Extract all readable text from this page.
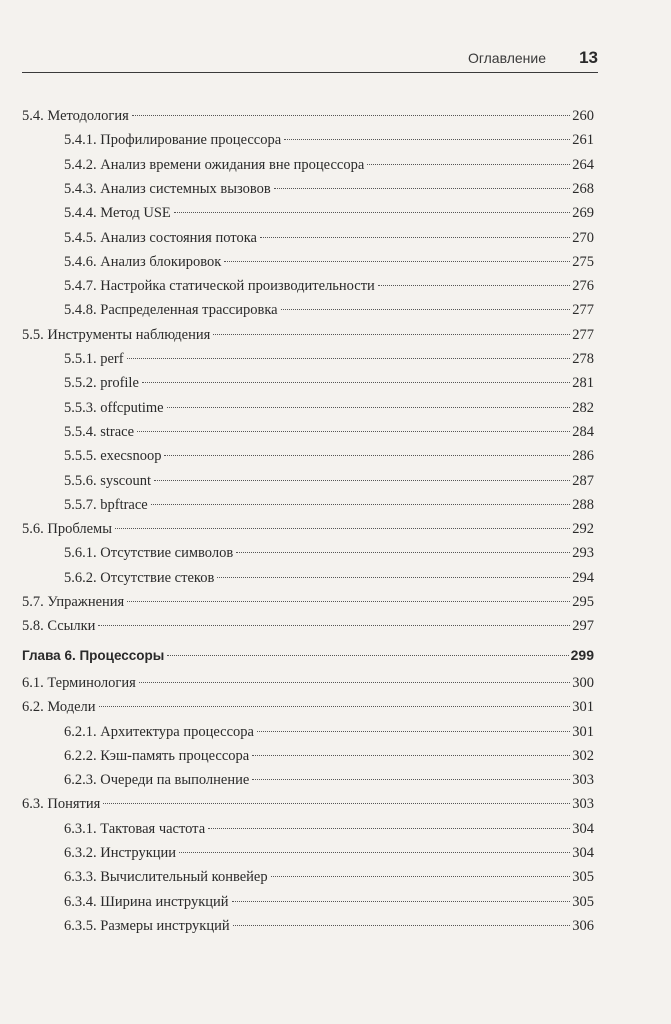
Оглавление 13
5.4. Методология	260
5.4.1. Профилирование процессора	261
5.4.2. Анализ времени ожидания вне процессора	264
5.4.3. Анализ системных вызовов	268
5.4.4. Метод USE	269
5.4.5. Анализ состояния потока	270
5.4.6. Анализ блокировок	275
5.4.7. Настройка статической производительности	276
5.4.8. Распределенная трассировка	277
5.5. Инструменты наблюдения	277
5.5.1. perf	278
5.5.2. profile	281
5.5.3. offcputime	282
5.5.4. strace	284
5.5.5. execsnoop	286
5.5.6. syscount	287
5.5.7. bpftrace	288
5.6. Проблемы	292
5.6.1. Отсутствие символов	293
5.6.2. Отсутствие стеков	294
5.7. Упражнения	295
5.8. Ссылки	297
Глава 6. Процессоры	299
6.1. Терминология	300
6.2. Модели	301
6.2.1. Архитектура процессора	301
6.2.2. Кэш-память процессора	302
6.2.3. Очереди па выполнение	303
6.3. Понятия	303
6.3.1. Тактовая частота	304
6.3.2. Инструкции	304
6.3.3. Вычислительный конвейер	305
6.3.4. Ширина инструкций	305
6.3.5. Размеры инструкций	306
